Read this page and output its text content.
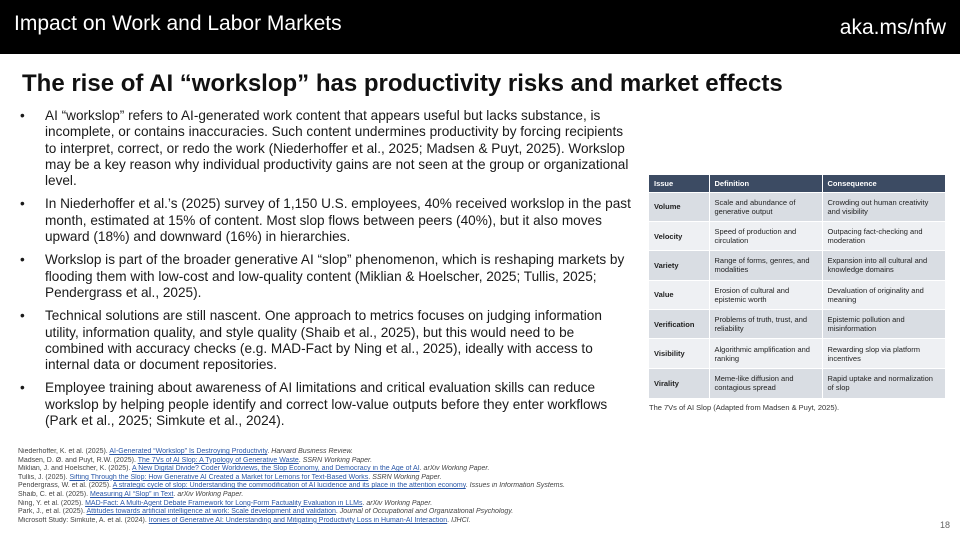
Impact on Work and Labor Markets	aka.ms/nfw
The rise of AI “workslop” has productivity risks and market effects
• AI “workslop” refers to AI-generated work content that appears useful but lacks substance, is incomplete, or contains inaccuracies. Such content undermines productivity by forcing recipients to interpret, correct, or redo the work (Niederhoffer et al., 2025; Madsen & Puyt, 2025). Workslop may be a key reason why individual productivity gains are not seen at the group or organizational level.
• In Niederhoffer et al.’s (2025) survey of 1,150 U.S. employees, 40% received workslop in the past month, estimated at 15% of content. Most slop flows between peers (40%), but it also moves upward (18%) and downward (16%) in hierarchies.
• Workslop is part of the broader generative AI “slop” phenomenon, which is reshaping markets by flooding them with low-cost and low-quality content (Miklian & Hoelscher, 2025; Tullis, 2025; Pendergrass et al., 2025).
• Technical solutions are still nascent. One approach to metrics focuses on judging information utility, information quality, and style quality (Shaib et al., 2025), but this would need to be combined with accuracy checks (e.g. MAD-Fact by Ning et al., 2025), ideally with access to internal data or document repositories.
• Employee training about awareness of AI limitations and critical evaluation skills can reduce workslop by helping people identify and correct low-value outputs before they enter workflows (Park et al., 2025; Simkute et al., 2024).
Issue	Definition	Consequence
Volume	Scale and abundance of generative output	Crowding out human creativity and visibility
Velocity	Speed of production and circulation	Outpacing fact-checking and moderation
Variety	Range of forms, genres, and modalities	Expansion into all cultural and knowledge domains
Value	Erosion of cultural and epistemic worth	Devaluation of originality and meaning
Verification	Problems of truth, trust, and reliability	Epistemic pollution and misinformation
Visibility	Algorithmic amplification and ranking	Rewarding slop via platform incentives
Virality	Meme-like diffusion and contagious spread	Rapid uptake and normalization of slop
The 7Vs of AI Slop (Adapted from Madsen & Puyt, 2025).
Niederhoffer, K. et al. (2025). AI-Generated “Workslop” Is Destroying Productivity. Harvard Business Review.
Madsen, D. Ø. and Puyt, R.W. (2025). The 7Vs of AI Slop: A Typology of Generative Waste. SSRN Working Paper.
Miklian, J. and Hoelscher, K. (2025). A New Digital Divide? Coder Worldviews, the Slop Economy, and Democracy in the Age of AI. arXiv Working Paper.
Tullis, J. (2025). Sifting Through the Slop: How Generative AI Created a Market for Lemons for Text-Based Works. SSRN Working Paper.
Pendergrass, W. et al. (2025). A strategic cycle of slop: Understanding the commodification of AI lucidence and its place in the attention economy. Issues in Information Systems.
Shaib, C. et al. (2025). Measuring AI “Slop” in Text. arXiv Working Paper.
Ning, Y. et al. (2025). MAD-Fact: A Multi-Agent Debate Framework for Long-Form Factuality Evaluation in LLMs. arXiv Working Paper.
Park, J., et al. (2025). Attitudes towards artificial intelligence at work: Scale development and validation. Journal of Occupational and Organizational Psychology.
Microsoft Study: Simkute, A. et al. (2024). Ironies of Generative AI: Understanding and Mitigating Productivity Loss in Human-AI Interaction. IJHCI.	18
